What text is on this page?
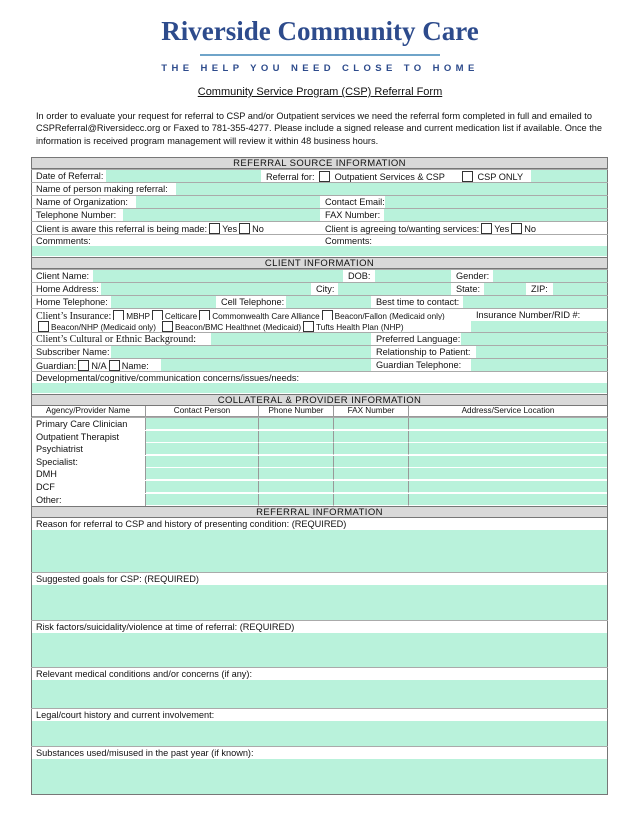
Riverside Community Care
THE HELP YOU NEED CLOSE TO HOME
Community Service Program (CSP) Referral Form
In order to evaluate your request for referral to CSP and/or Outpatient services we need the referral form completed in full and emailed to CSPReferral@Riversidecc.org or Faxed to 781-355-4277. Please include a signed release and current medication list if available. Once the information is received program management will review it within 48 business hours.
REFERRAL SOURCE INFORMATION
Date of Referral:	Referral for: Outpatient Services & CSP	CSP ONLY
Name of person making referral:
Name of Organization:	Contact Email:
Telephone Number:	FAX Number:
Client is aware this referral is being made: Yes No	Client is agreeing to/wanting services: Yes No
Commments:	Comments:
CLIENT INFORMATION
Client Name:	DOB:	Gender:
Home Address:	City:	State:	ZIP:
Home Telephone:	Cell Telephone:	Best time to contact:
Client’s Insurance: MBHP Celticare Commonwealth Care Alliance Beacon/Fallon (Medicaid only)
Beacon/NHP (Medicaid only) Beacon/BMC Healthnet (Medicaid) Tufts Health Plan (NHP)
Insurance Number/RID #:
Client’s Cultural or Ethnic Background:	Preferred Language:
Subscriber Name:	Relationship to Patient:
Guardian: N/A Name:	Guardian Telephone:
Developmental/cognitive/communication concerns/issues/needs:
COLLATERAL & PROVIDER INFORMATION
Agency/Provider Name	Contact Person	Phone Number	FAX Number	Address/Service Location
Primary Care Clinician
Outpatient Therapist
Psychiatrist
Specialist:
DMH
DCF
Other:
REFERRAL INFORMATION
Reason for referral to CSP and history of presenting condition: (REQUIRED)
Suggested goals for CSP: (REQUIRED)
Risk factors/suicidality/violence at time of referral: (REQUIRED)
Relevant medical conditions and/or concerns (if any):
Legal/court history and current involvement:
Substances used/misused in the past year (if known):
